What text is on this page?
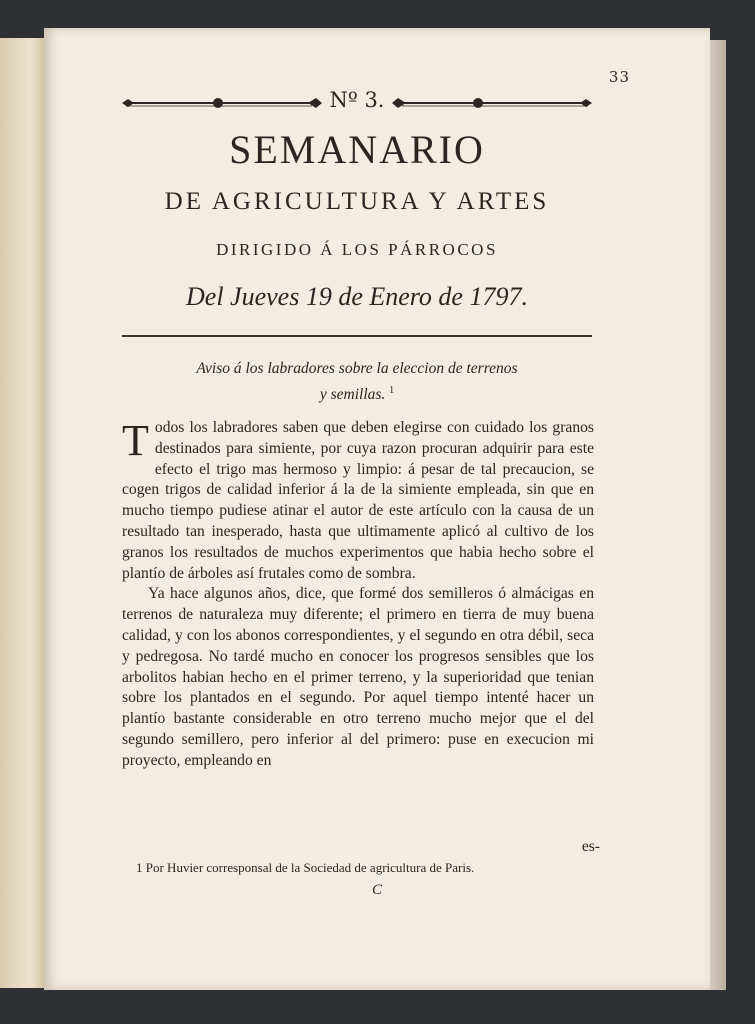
33
Nº 3.
SEMANARIO
DE AGRICULTURA Y ARTES
DIRIGIDO Á LOS PÁRROCOS
Del Jueves 19 de Enero de 1797.
Aviso á los labradores sobre la eleccion de terrenos
y semillas. $^1$

Todos los labradores saben que deben elegirse con cuidado los granos destinados para simiente, por cuya razon procuran adquirir para este efecto el trigo mas hermoso y limpio: á pesar de tal precaucion, se cogen trigos de calidad inferior á la de la simiente empleada, sin que en mucho tiempo pudiese atinar el autor de este artículo con la causa de un resultado tan inesperado, hasta que ultimamente aplicó al cultivo de los granos los resultados de muchos experimentos que habia hecho sobre el plantío de árboles así frutales como de sombra.

Ya hace algunos años, dice, que formé dos semilleros ó almácigas en terrenos de naturaleza muy diferente; el primero en tierra de muy buena calidad, y con los abonos correspondientes, y el segundo en otra débil, seca y pedregosa. No tardé mucho en conocer los progresos sensibles que los arbolitos habian hecho en el primer terreno, y la superioridad que tenian sobre los plantados en el segundo. Por aquel tiempo intenté hacer un plantío bastante considerable en otro terreno mucho mejor que el del segundo semillero, pero inferior al del primero: puse en execucion mi proyecto, empleando en

es-
1 Por Huvier corresponsal de la Sociedad de agricultura de Paris.
C
